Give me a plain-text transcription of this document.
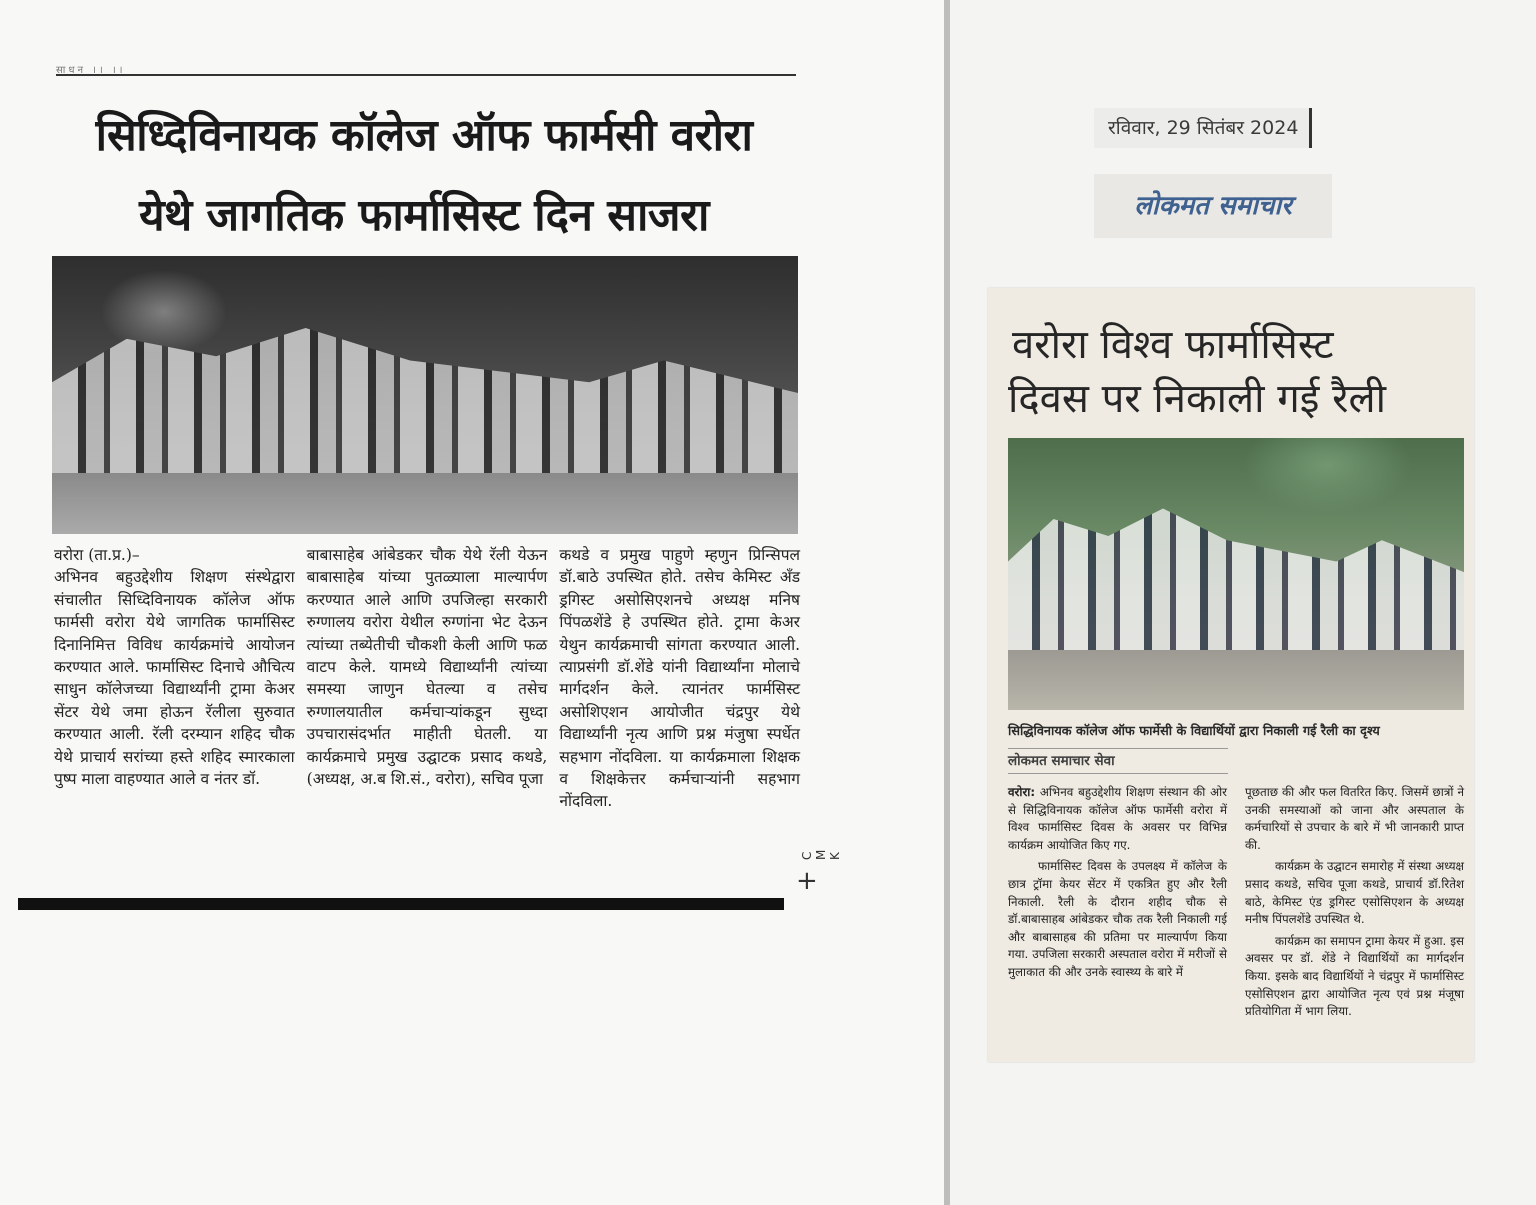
साधन ।। ।।
सिध्दिविनायक कॉलेज ऑफ फार्मसी वरोरा
येथे जागतिक फार्मासिस्ट दिन साजरा
वरोरा (ता.प्र.)–
अभिनव बहुउद्देशीय शिक्षण संस्थेद्वारा संचालीत सिध्दिविनायक कॉलेज ऑफ फार्मसी वरोरा येथे जागतिक फार्मासिस्ट दिनानिमित्त विविध कार्यक्रमांचे आयोजन करण्यात आले. फार्मासिस्ट दिनाचे औचित्य साधुन कॉलेजच्या विद्यार्थ्यांनी ट्रामा केअर सेंटर येथे जमा होऊन रॅलीला सुरुवात करण्यात आली. रॅली दरम्यान शहिद चौक येथे प्राचार्य सरांच्या हस्ते शहिद स्मारकाला पुष्प माला वाहण्यात आले व नंतर डॉ.
बाबासाहेब आंबेडकर चौक येथे रॅली येऊन बाबासाहेब यांच्या पुतळ्याला माल्यार्पण करण्यात आले आणि उपजिल्हा सरकारी रुग्णालय वरोरा येथील रुग्णांना भेट देऊन त्यांच्या तब्येतीची चौकशी केली आणि फळ वाटप केले. यामध्ये विद्यार्थ्यांनी त्यांच्या समस्या जाणुन घेतल्या व तसेच रुग्णालयातील कर्मचाऱ्यांकडून सुध्दा उपचारासंदर्भात माहीती घेतली. या कार्यक्रमाचे प्रमुख उद्घाटक प्रसाद कथडे, (अध्यक्ष, अ.ब शि.सं., वरोरा), सचिव पूजा
कथडे व प्रमुख पाहुणे म्हणुन प्रिन्सिपल डॉ.बाठे उपस्थित होते. तसेच केमिस्ट अँड ड्रगिस्ट असोसिएशनचे अध्यक्ष मनिष पिंपळशेंडे हे उपस्थित होते. ट्रामा केअर येथुन कार्यक्रमाची सांगता करण्यात आली. त्याप्रसंगी डॉ.शेंडे यांनी विद्यार्थ्यांना मोलाचे मार्गदर्शन केले. त्यानंतर फार्मसिस्ट असोशिएशन आयोजीत चंद्रपुर येथे विद्यार्थ्यांनी नृत्य आणि प्रश्न मंजुषा स्पर्धेत सहभाग नोंदविला. या कार्यक्रमाला शिक्षक व शिक्षकेत्तर कर्मचाऱ्यांनी सहभाग नोंदविला.
C M K
+
रविवार, 29 सितंबर 2024
लोकमत समाचार
वरोरा विश्व फार्मासिस्ट
दिवस पर निकाली गई रैली
सिद्धिविनायक कॉलेज ऑफ फार्मेसी के विद्यार्थियों द्वारा निकाली गई रैली का दृश्य
लोकमत समाचार सेवा

वरोरा: अभिनव बहुउद्देशीय शिक्षण संस्थान की ओर से सिद्धिविनायक कॉलेज ऑफ फार्मेसी वरोरा में विश्व फार्मासिस्ट दिवस के अवसर पर विभिन्न कार्यक्रम आयोजित किए गए.

फार्मासिस्ट दिवस के उपलक्ष्य में कॉलेज के छात्र ट्रॉमा केयर सेंटर में एकत्रित हुए और रैली निकाली. रैली के दौरान शहीद चौक से डॉ.बाबासाहब आंबेडकर चौक तक रैली निकाली गई और बाबासाहब की प्रतिमा पर माल्यार्पण किया गया. उपजिला सरकारी अस्पताल वरोरा में मरीजों से मुलाकात की और उनके स्वास्थ्य के बारे में

पूछताछ की और फल वितरित किए. जिसमें छात्रों ने उनकी समस्याओं को जाना और अस्पताल के कर्मचारियों से उपचार के बारे में भी जानकारी प्राप्त की.

कार्यक्रम के उद्घाटन समारोह में संस्था अध्यक्ष प्रसाद कथडे, सचिव पूजा कथडे, प्राचार्य डॉ.रितेश बाठे, केमिस्ट एंड ड्रगिस्ट एसोसिएशन के अध्यक्ष मनीष पिंपलशेंडे उपस्थित थे.

कार्यक्रम का समापन ट्रामा केयर में हुआ. इस अवसर पर डॉ. शेंडे ने विद्यार्थियों का मार्गदर्शन किया. इसके बाद विद्यार्थियों ने चंद्रपुर में फार्मासिस्ट एसोसिएशन द्वारा आयोजित नृत्य एवं प्रश्न मंजूषा प्रतियोगिता में भाग लिया.
